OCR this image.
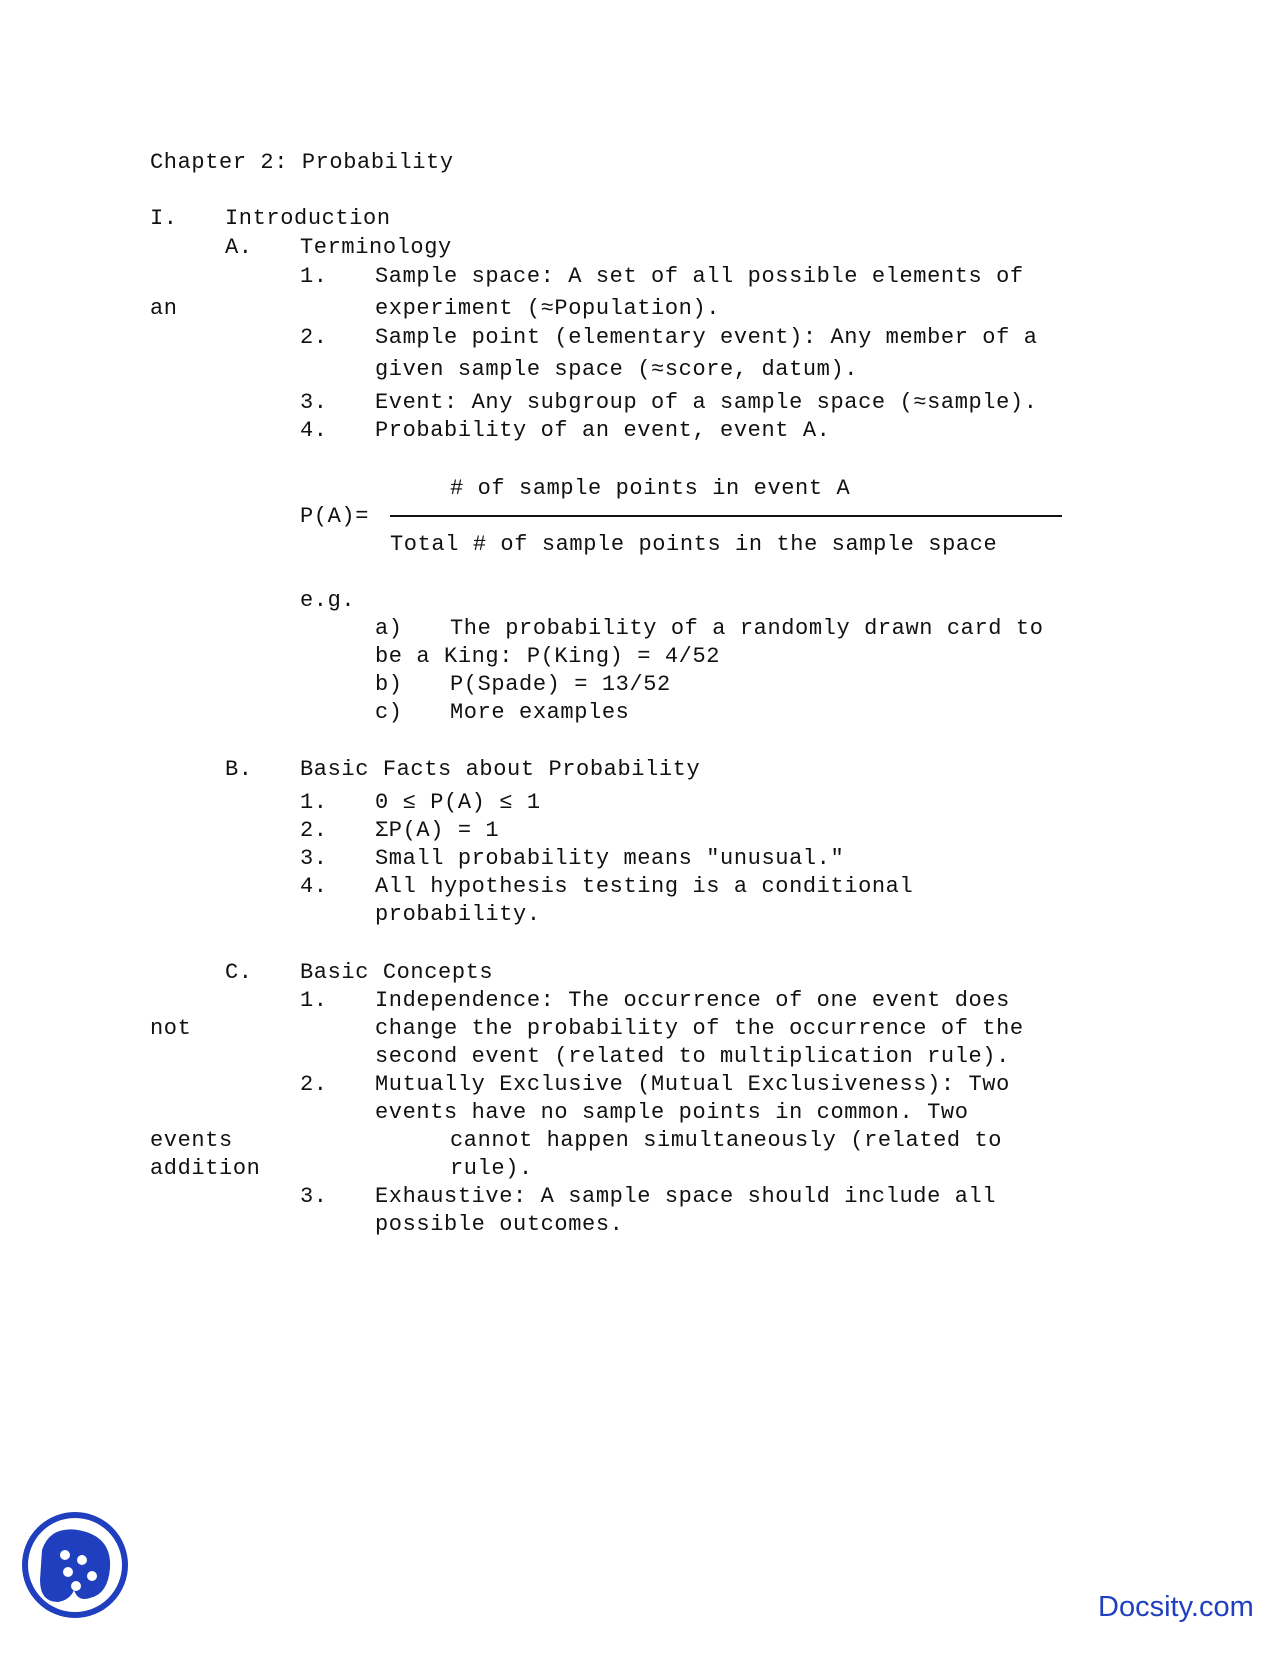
Chapter 2: Probability
I. Introduction
A. Terminology
1. Sample space: A set of all possible elements of
an	experiment (≈Population).
2. Sample point (elementary event): Any member of a
given sample space (≈score, datum).
3. Event: Any subgroup of a sample space (≈sample).
4. Probability of an event, event A.
# of sample points in event A
P(A)=
Total # of sample points in the sample space
e.g.
a) The probability of a randomly drawn card to
be a King: P(King) = 4/52
b) P(Spade) = 13/52
c) More examples
B. Basic Facts about Probability
1. 0 ≤ P(A) ≤ 1
2. ΣP(A) = 1
3. Small probability means "unusual."
4. All hypothesis testing is a conditional
probability.
C. Basic Concepts
1. Independence: The occurrence of one event does
not	change the probability of the occurrence of the
second event (related to multiplication rule).
2. Mutually Exclusive (Mutual Exclusiveness): Two
events have no sample points in common. Two
events	cannot happen simultaneously (related to
addition	rule).
3. Exhaustive: A sample space should include all
possible outcomes.
Docsity.com
